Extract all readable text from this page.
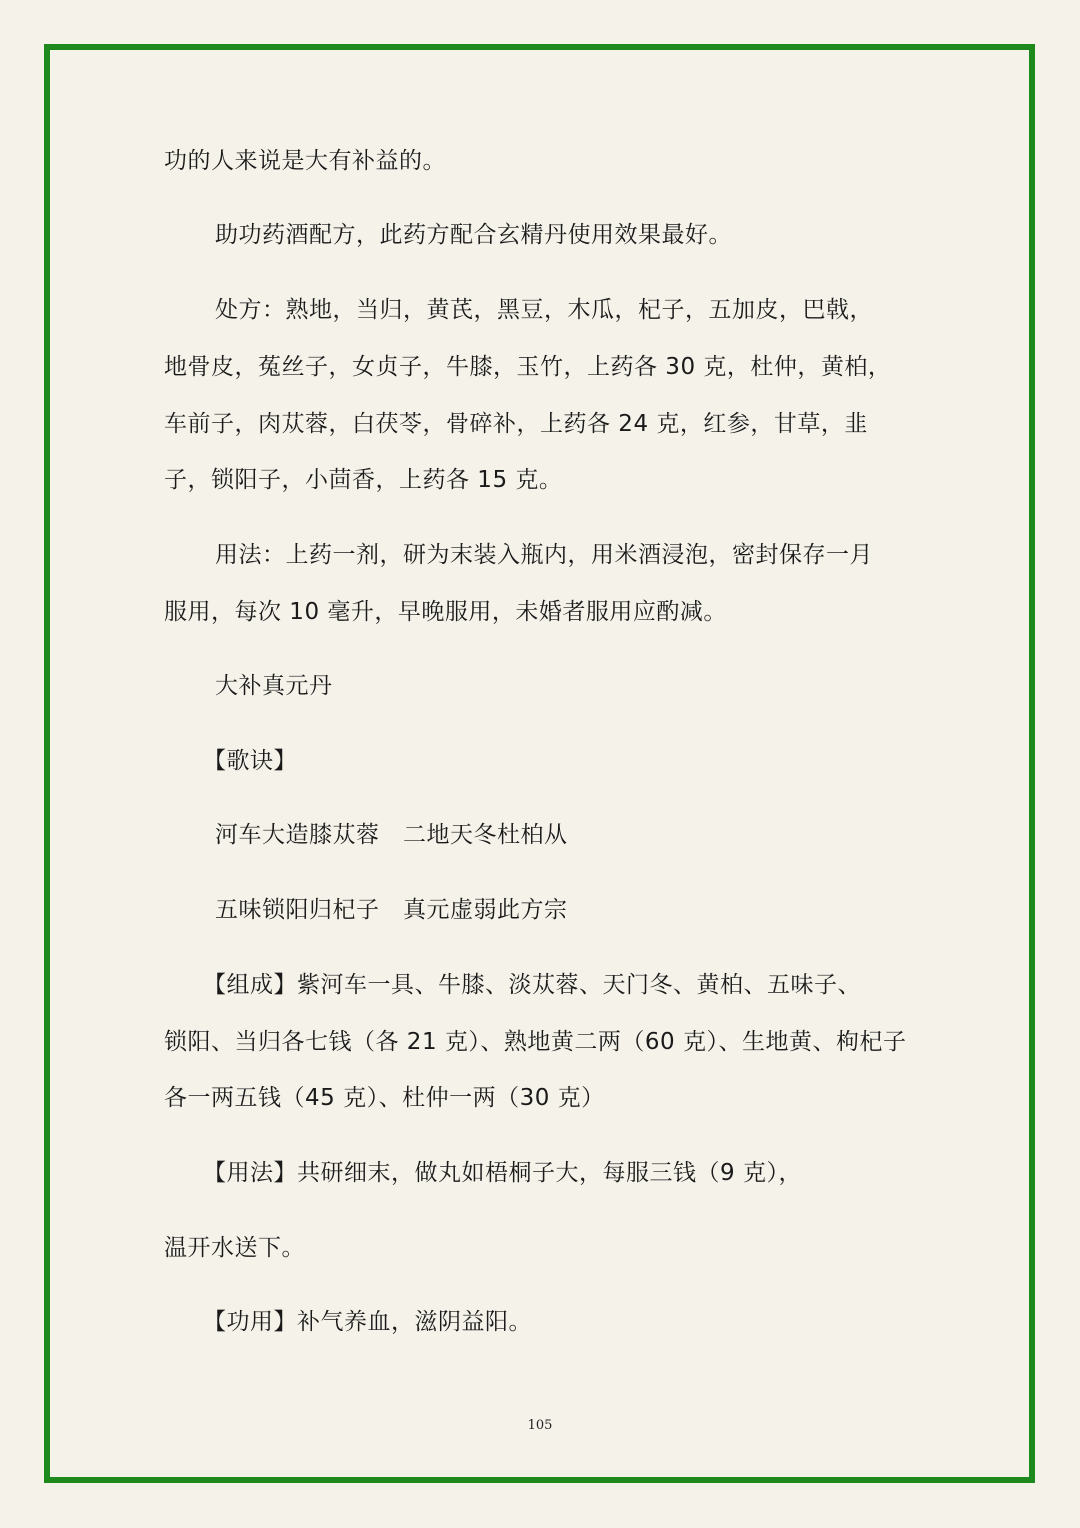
功的人来说是大有补益的。
助功药酒配方，此药方配合玄精丹使用效果最好。
处方：熟地，当归，黄芪，黑豆，木瓜，杞子，五加皮，巴戟，
地骨皮，菟丝子，女贞子，牛膝，玉竹，上药各 30 克，杜仲，黄柏，
车前子，肉苁蓉，白茯苓，骨碎补，上药各 24 克，红参，甘草，韭
子，锁阳子，小茴香，上药各 15 克。
用法：上药一剂，研为末装入瓶内，用米酒浸泡，密封保存一月
服用，每次 10 毫升，早晚服用，未婚者服用应酌减。
大补真元丹
【歌诀】
河车大造膝苁蓉　二地天冬杜柏从
五味锁阳归杞子　真元虚弱此方宗
【组成】紫河车一具、牛膝、淡苁蓉、天门冬、黄柏、五味子、
锁阳、当归各七钱（各 21 克）、熟地黄二两（60 克）、生地黄、枸杞子
各一两五钱（45 克）、杜仲一两（30 克）
【用法】共研细末，做丸如梧桐子大，每服三钱（9 克），
温开水送下。
【功用】补气养血，滋阴益阳。
105
